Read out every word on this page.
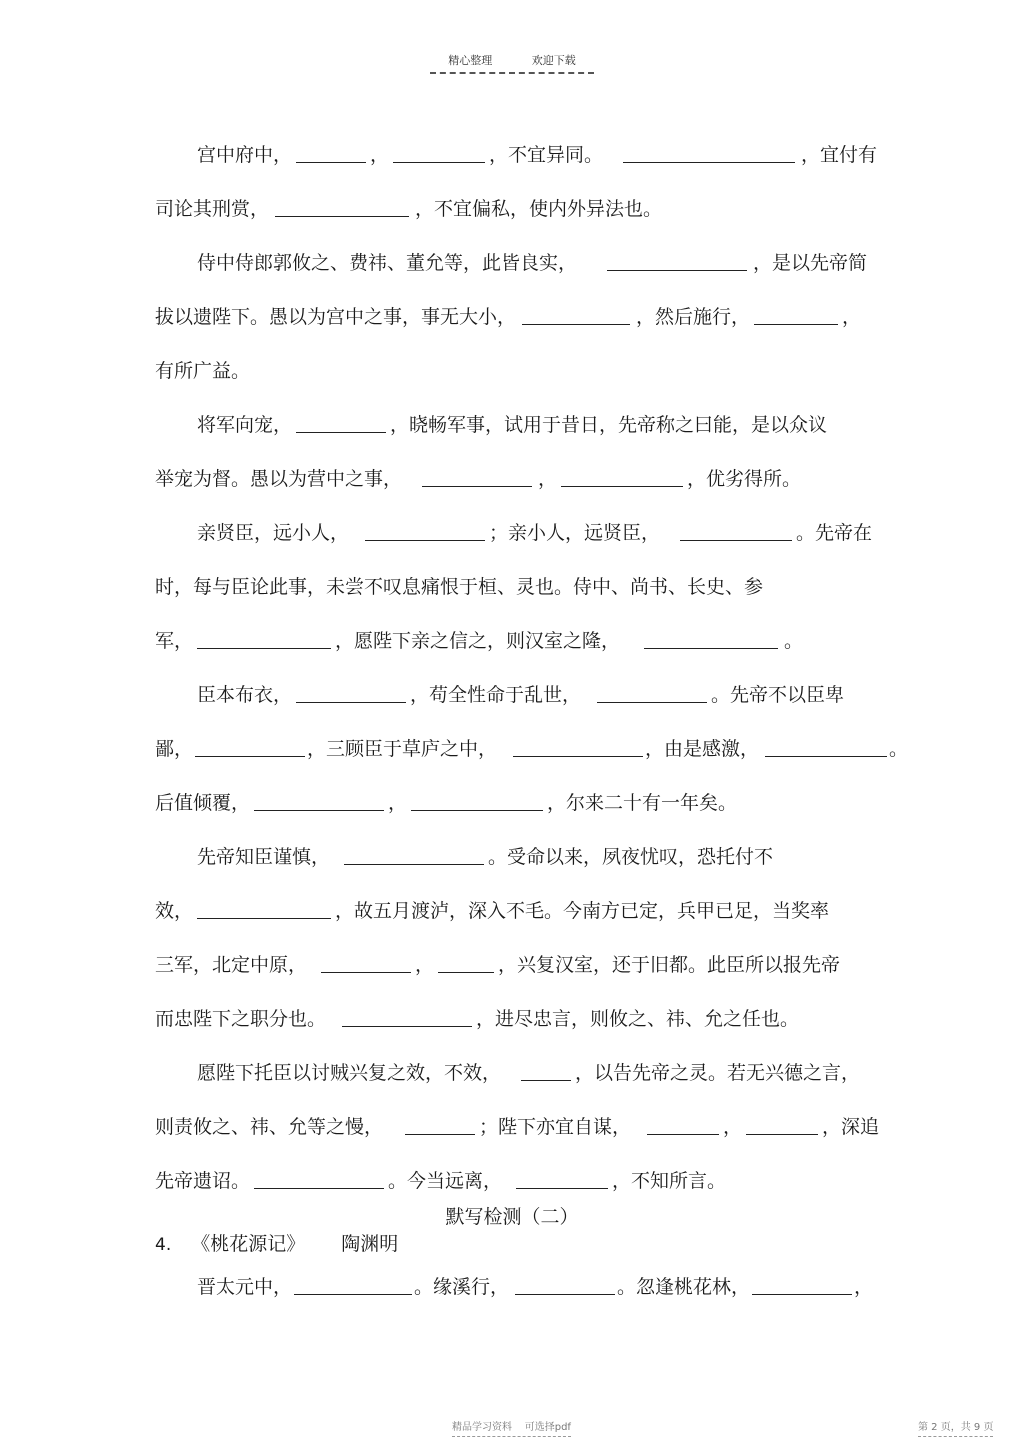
精心整理	欢迎下载
宫中府中，	，	，不宜异同。	，宜付有
司论其刑赏，	，不宜偏私，使内外异法也。
侍中侍郎郭攸之、费祎、董允等，此皆良实，	，是以先帝简
拔以遗陛下。愚以为宫中之事，事无大小，	，然后施行，	，
有所广益。
将军向宠，	，晓畅军事，试用于昔日，先帝称之曰能，是以众议
举宠为督。愚以为营中之事，	，	，优劣得所。
亲贤臣，远小人，	；亲小人，远贤臣，	。先帝在
时，每与臣论此事，未尝不叹息痛恨于桓、灵也。侍中、尚书、长史、参
军，	，愿陛下亲之信之，则汉室之隆，	。
臣本布衣，	，苟全性命于乱世，	。先帝不以臣卑
鄙，	，三顾臣于草庐之中，	，由是感激，	。
后值倾覆，	，	，尔来二十有一年矣。
先帝知臣谨慎，	。受命以来，夙夜忧叹，恐托付不
效，	，故五月渡泸，深入不毛。今南方已定，兵甲已足，当奖率
三军，北定中原，	，	，兴复汉室，还于旧都。此臣所以报先帝
而忠陛下之职分也。	，进尽忠言，则攸之、祎、允之任也。
愿陛下托臣以讨贼兴复之效，不效，	，以告先帝之灵。若无兴德之言，
则责攸之、祎、允等之慢，	；陛下亦宜自谋，	，	，深追
先帝遗诏。	。今当远离，	，不知所言。
默写检测（二）
4. 《桃花源记》 陶渊明
晋太元中，	。缘溪行，	。忽逢桃花林，	，
精品学习资料 可选择pdf	第 2 页，共 9 页
